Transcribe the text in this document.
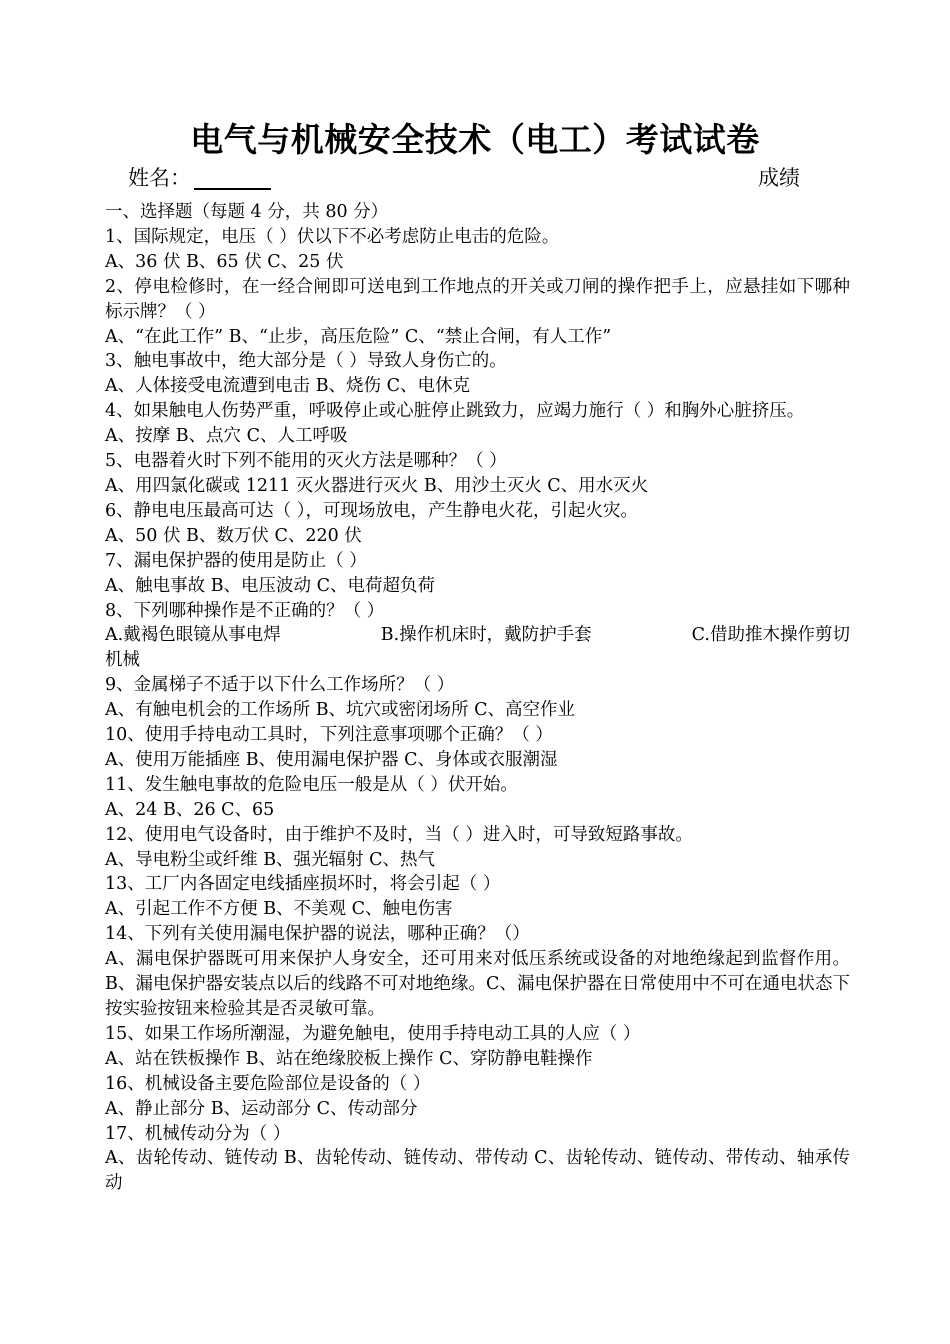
电气与机械安全技术（电工）考试试卷
姓名：	成绩
一、选择题（每题 4 分，共 80 分）
1、国际规定，电压（ ）伏以下不必考虑防止电击的危险。
A、36 伏 B、65 伏 C、25 伏
2、停电检修时，在一经合闸即可送电到工作地点的开关或刀闸的操作把手上，应悬挂如下哪种标示牌？（ ）
A、“在此工作” B、“止步，高压危险” C、“禁止合闸，有人工作”
3、触电事故中，绝大部分是（ ）导致人身伤亡的。
A、人体接受电流遭到电击 B、烧伤 C、电休克
4、如果触电人伤势严重，呼吸停止或心脏停止跳致力，应竭力施行（ ）和胸外心脏挤压。
A、按摩 B、点穴 C、人工呼吸
5、电器着火时下列不能用的灭火方法是哪种？（ ）
A、用四氯化碳或 1211 灭火器进行灭火 B、用沙土灭火 C、用水灭火
6、静电电压最高可达（ ），可现场放电，产生静电火花，引起火灾。
A、50 伏 B、数万伏 C、220 伏
7、漏电保护器的使用是防止（ ）
A、触电事故 B、电压波动 C、电荷超负荷
8、下列哪种操作是不正确的？（ ）
A.戴褐色眼镜从事电焊	B.操作机床时，戴防护手套	C.借助推木操作剪切
机械
9、金属梯子不适于以下什么工作场所？（ ）
A、有触电机会的工作场所 B、坑穴或密闭场所 C、高空作业
10、使用手持电动工具时，下列注意事项哪个正确？（ ）
A、使用万能插座 B、使用漏电保护器 C、身体或衣服潮湿
11、发生触电事故的危险电压一般是从（ ）伏开始。
A、24 B、26 C、65
12、使用电气设备时，由于维护不及时，当（ ）进入时，可导致短路事故。
A、导电粉尘或纤维 B、强光辐射 C、热气
13、工厂内各固定电线插座损坏时，将会引起（ ）
A、引起工作不方便 B、不美观 C、触电伤害
14、下列有关使用漏电保护器的说法，哪种正确？（）
A、漏电保护器既可用来保护人身安全，还可用来对低压系统或设备的对地绝缘起到监督作用。B、漏电保护器安装点以后的线路不可对地绝缘。C、漏电保护器在日常使用中不可在通电状态下按实验按钮来检验其是否灵敏可靠。
15、如果工作场所潮湿，为避免触电，使用手持电动工具的人应（ ）
A、站在铁板操作 B、站在绝缘胶板上操作 C、穿防静电鞋操作
16、机械设备主要危险部位是设备的（ ）
A、静止部分 B、运动部分 C、传动部分
17、机械传动分为（ ）
A、齿轮传动、链传动 B、齿轮传动、链传动、带传动 C、齿轮传动、链传动、带传动、轴承传动
